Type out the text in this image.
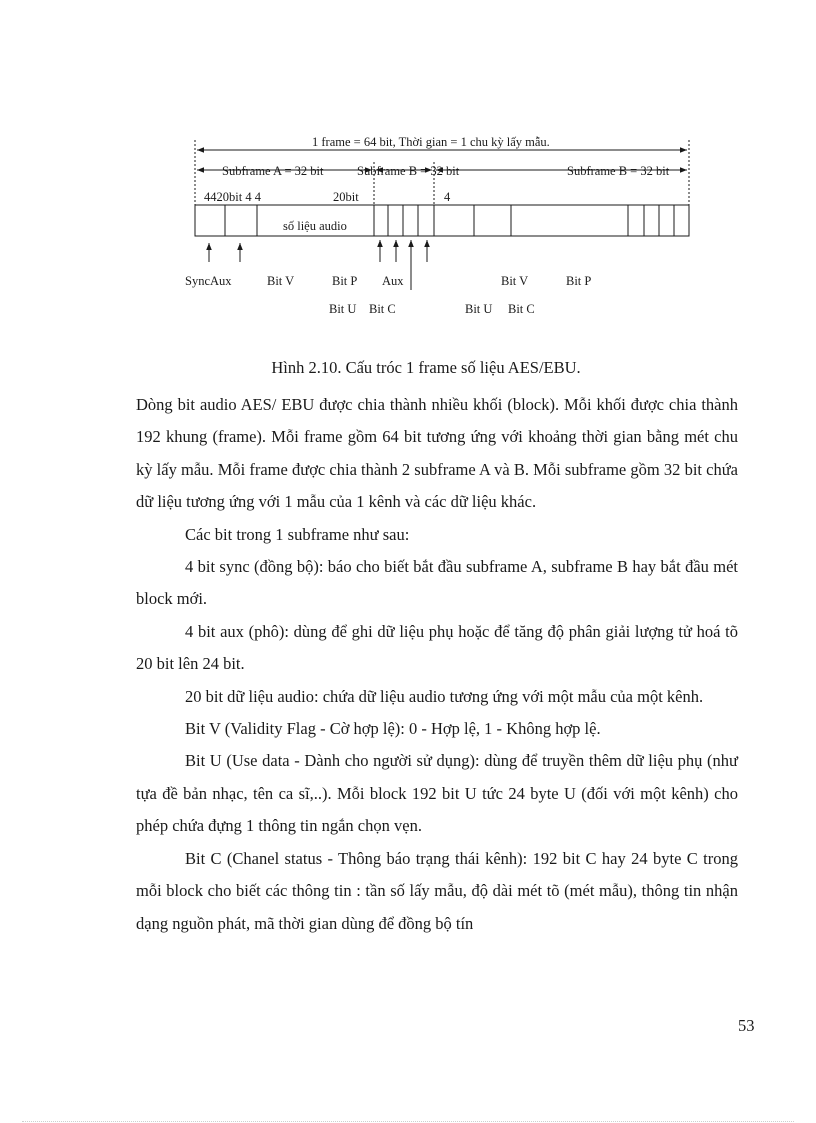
1 frame = 64 bit, Thời gian = 1 chu kỳ lấy mẫu.
Subframe A = 32 bit	Subframe B = 32 bit	Subframe B = 32 bit
4420bit 4 4	20bit	4
số liệu audio
SyncAux	Bit V	Bit P Aux	Bit V	Bit P
Bit U Bit C	Bit U Bit C
Hình 2.10. Cấu tróc 1 frame số liệu AES/EBU.

Dòng bit audio AES/ EBU được chia thành nhiều khối (block). Mỗi khối được chia thành 192 khung (frame). Mỗi frame gồm 64 bit tương ứng với khoảng thời gian bằng mét chu kỳ lấy mẫu. Mỗi frame được chia thành 2 subframe A và B. Mỗi subframe gồm 32 bit chứa dữ liệu tương ứng với 1 mẫu của 1 kênh và các dữ liệu khác.

Các bit trong 1 subframe như sau:

4 bit sync (đồng bộ): báo cho biết bắt đầu subframe A, subframe B hay bắt đầu mét block mới.

4 bit aux (phô): dùng để ghi dữ liệu phụ hoặc để tăng độ phân giải lượng tử hoá tõ 20 bit lên 24 bit.

20 bit dữ liệu audio: chứa dữ liệu audio tương ứng với một mẫu của một kênh.

Bit V (Validity Flag - Cờ hợp lệ): 0 - Hợp lệ, 1 - Không hợp lệ.

Bit U (Use data - Dành cho người sử dụng): dùng để truyền thêm dữ liệu phụ (như tựa đề bản nhạc, tên ca sĩ,..). Mỗi block 192 bit U tức 24 byte U (đối với một kênh) cho phép chứa đựng 1 thông tin ngắn chọn vẹn.

Bit C (Chanel status - Thông báo trạng thái kênh): 192 bit C hay 24 byte C trong mỗi block cho biết các thông tin : tần số lấy mẫu, độ dài mét tõ (mét mẫu), thông tin nhận dạng nguồn phát, mã thời gian dùng để đồng bộ tín

53
